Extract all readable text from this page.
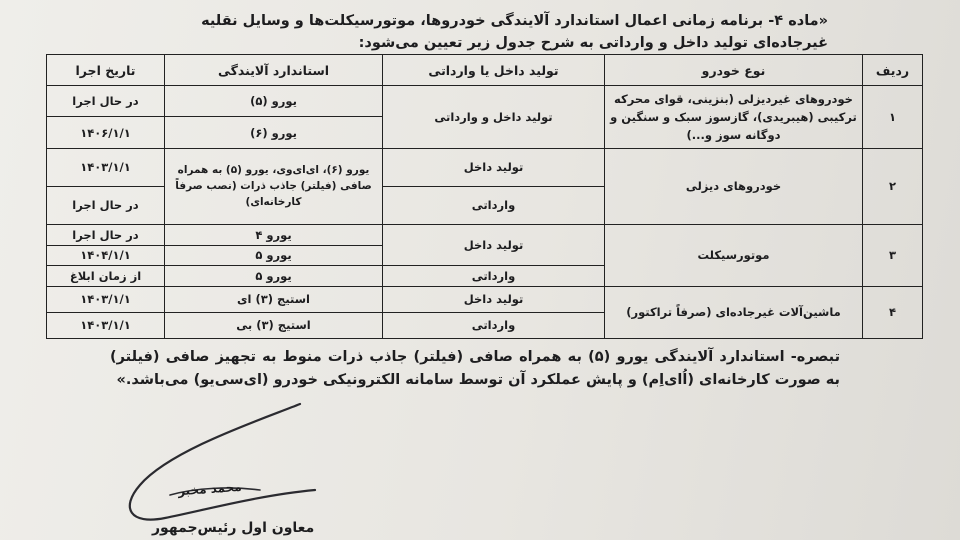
«ماده ۴- برنامه زمانی اعمال استاندارد آلایندگی خودروها، موتورسیکلت‌ها و وسایل نقلیه
غیرجاده‌ای تولید داخل و وارداتی به شرح جدول زیر تعیین می‌شود:
ردیف	نوع خودرو	تولید داخل یا وارداتی	استاندارد آلایندگی	تاریخ اجرا
۱	خودروهای غیردیزلی (بنزینی، قوای محرکه ترکیبی (هیبریدی)، گازسوز سبک و سنگین و دوگانه سوز و...)	تولید داخل و وارداتی	یورو (۵)	در حال اجرا
			یورو (۶)	۱۴۰۶/۱/۱
۲	خودروهای دیزلی	تولید داخل	یورو (۶)، ای‌ای‌وی، یورو (۵) به همراه صافی (فیلتر) جاذب ذرات (نصب صرفاً کارخانه‌ای)	۱۴۰۳/۱/۱
		وارداتی		در حال اجرا
۳	موتورسیکلت	تولید داخل	یورو ۴	در حال اجرا
			یورو ۵	۱۴۰۴/۱/۱
		وارداتی	یورو ۵	از زمان ابلاغ
۴	ماشین‌آلات غیرجاده‌ای (صرفاً تراکتور)	تولید داخل	استیج (۳) ای	۱۴۰۳/۱/۱
		وارداتی	استیج (۳) بی	۱۴۰۳/۱/۱
تبصره- استاندارد آلایندگی یورو (۵) به همراه صافی (فیلتر) جاذب ذرات منوط به تجهیز صافی (فیلتر) به صورت کارخانه‌ای (اُای‌اِم) و پایش عملکرد آن توسط سامانه الکترونیکی خودرو (ای‌سی‌یو) می‌باشد.»
محمد مخبر
معاون اول رئیس‌جمهور
